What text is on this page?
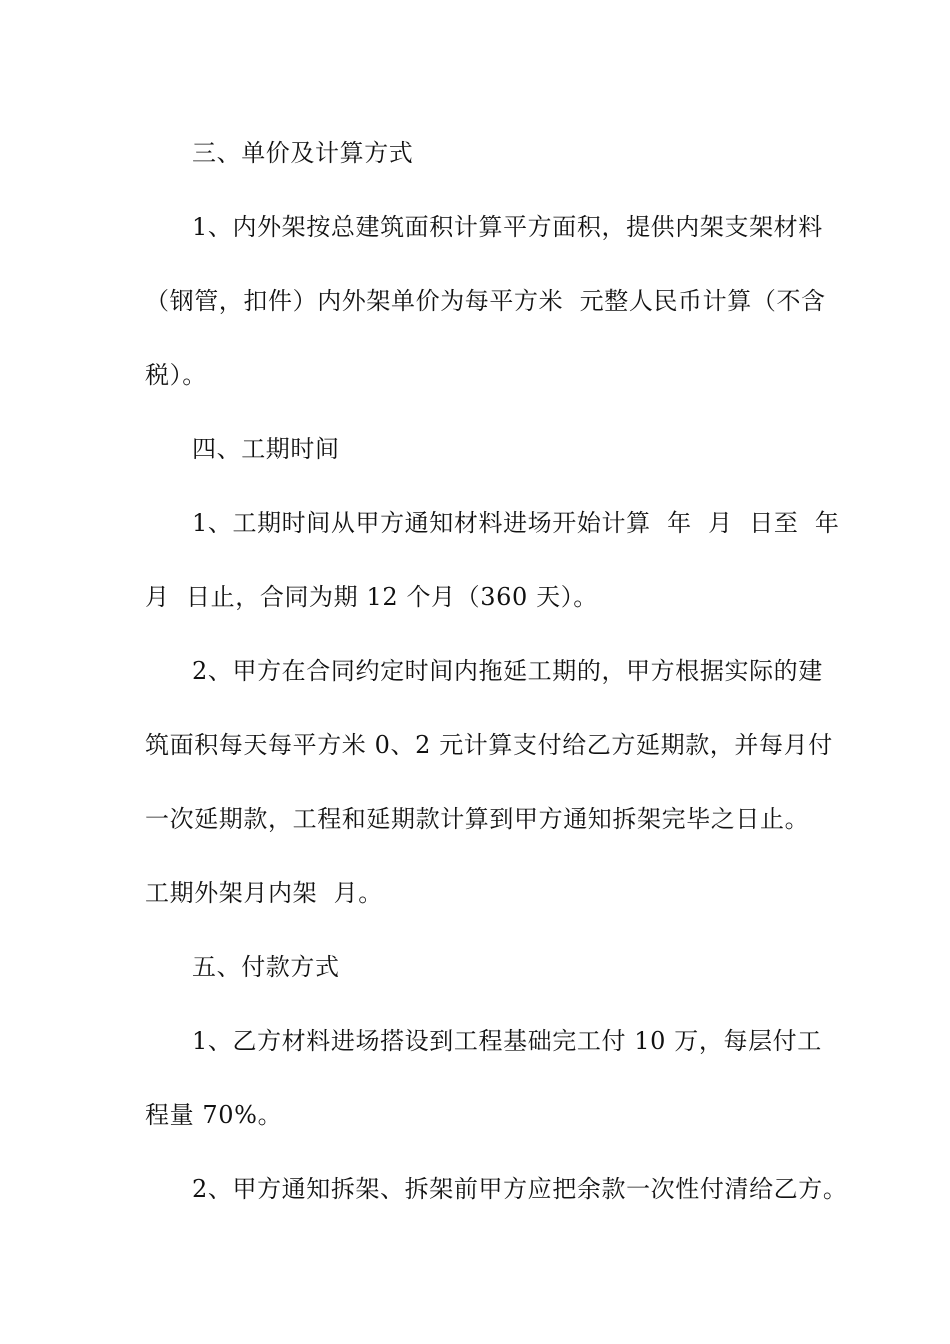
三、单价及计算方式
1、内外架按总建筑面积计算平方面积，提供内架支架材料
（钢管，扣件）内外架单价为每平方米  元整人民币计算（不含
税）。
四、工期时间
1、工期时间从甲方通知材料进场开始计算  年  月  日至  年
月  日止，合同为期 12 个月（360 天）。
2、甲方在合同约定时间内拖延工期的，甲方根据实际的建
筑面积每天每平方米 0、2 元计算支付给乙方延期款，并每月付
一次延期款，工程和延期款计算到甲方通知拆架完毕之日止。
工期外架月内架  月。
五、付款方式
1、乙方材料进场搭设到工程基础完工付 10 万，每层付工
程量 70%。
2、甲方通知拆架、拆架前甲方应把余款一次性付清给乙方。
